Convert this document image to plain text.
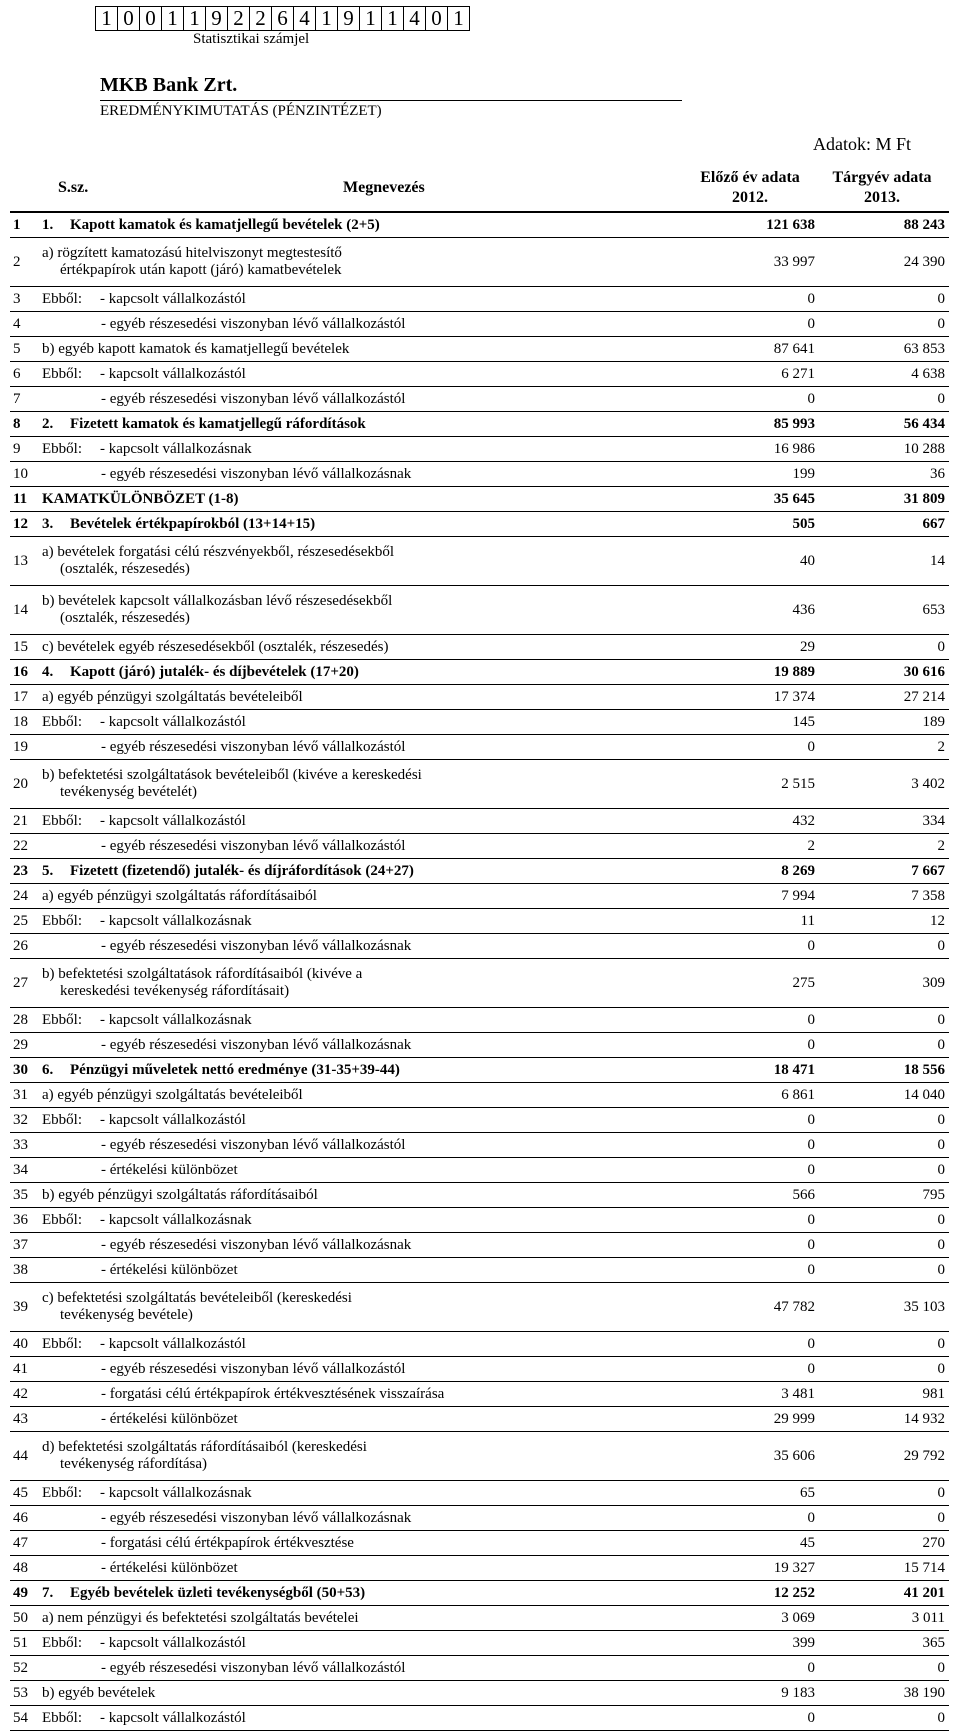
1 0 0 1 1 9 2 2 6 4 1 9 1 1 4 0 1
Statisztikai számjel
MKB Bank Zrt.
EREDMÉNYKIMUTATÁS (PÉNZINTÉZET)
Adatok: M Ft
S.sz.	Megnevezés
Előző év adata
2012.
Tárgyév adata
2013.
1	1. Kapott kamatok és kamatjellegű bevételek (2+5)	121 638	88 243
2	a) rögzített kamatozású hitelviszonyt megtestesítő
értékpapírok után kapott (járó) kamatbevételek	33 997	24 390
3	Ebből: - kapcsolt vállalkozástól	0	0
4	- egyéb részesedési viszonyban lévő vállalkozástól	0	0
5	b) egyéb kapott kamatok és kamatjellegű bevételek	87 641	63 853
6	Ebből: - kapcsolt vállalkozástól	6 271	4 638
7	- egyéb részesedési viszonyban lévő vállalkozástól	0	0
8	2. Fizetett kamatok és kamatjellegű ráfordítások	85 993	56 434
9	Ebből: - kapcsolt vállalkozásnak	16 986	10 288
10	- egyéb részesedési viszonyban lévő vállalkozásnak	199	36
11	KAMATKÜLÖNBÖZET (1-8)	35 645	31 809
12	3. Bevételek értékpapírokból (13+14+15)	505	667
13	a) bevételek forgatási célú részvényekből, részesedésekből
(osztalék, részesedés)	40	14
14	b) bevételek kapcsolt vállalkozásban lévő részesedésekből
(osztalék, részesedés)	436	653
15	c) bevételek egyéb részesedésekből (osztalék, részesedés)	29	0
16	4. Kapott (járó) jutalék- és díjbevételek (17+20)	19 889	30 616
17	a) egyéb pénzügyi szolgáltatás bevételeiből	17 374	27 214
18	Ebből: - kapcsolt vállalkozástól	145	189
19	- egyéb részesedési viszonyban lévő vállalkozástól	0	2
20	b) befektetési szolgáltatások bevételeiből (kivéve a kereskedési
tevékenység bevételét)	2 515	3 402
21	Ebből: - kapcsolt vállalkozástól	432	334
22	- egyéb részesedési viszonyban lévő vállalkozástól	2	2
23	5. Fizetett (fizetendő) jutalék- és díjráfordítások (24+27)	8 269	7 667
24	a) egyéb pénzügyi szolgáltatás ráfordításaiból	7 994	7 358
25	Ebből: - kapcsolt vállalkozásnak	11	12
26	- egyéb részesedési viszonyban lévő vállalkozásnak	0	0
27	b) befektetési szolgáltatások ráfordításaiból (kivéve a
kereskedési tevékenység ráfordításait)	275	309
28	Ebből: - kapcsolt vállalkozásnak	0	0
29	- egyéb részesedési viszonyban lévő vállalkozásnak	0	0
30	6. Pénzügyi műveletek nettó eredménye (31-35+39-44)	18 471	18 556
31	a) egyéb pénzügyi szolgáltatás bevételeiből	6 861	14 040
32	Ebből: - kapcsolt vállalkozástól	0	0
33	- egyéb részesedési viszonyban lévő vállalkozástól	0	0
34	- értékelési különbözet	0	0
35	b) egyéb pénzügyi szolgáltatás ráfordításaiból	566	795
36	Ebből: - kapcsolt vállalkozásnak	0	0
37	- egyéb részesedési viszonyban lévő vállalkozásnak	0	0
38	- értékelési különbözet	0	0
39	c) befektetési szolgáltatás bevételeiből (kereskedési
tevékenység bevétele)	47 782	35 103
40	Ebből: - kapcsolt vállalkozástól	0	0
41	- egyéb részesedési viszonyban lévő vállalkozástól	0	0
42	- forgatási célú értékpapírok értékvesztésének visszaírása	3 481	981
43	- értékelési különbözet	29 999	14 932
44	d) befektetési szolgáltatás ráfordításaiból (kereskedési
tevékenység ráfordítása)	35 606	29 792
45	Ebből: - kapcsolt vállalkozásnak	65	0
46	- egyéb részesedési viszonyban lévő vállalkozásnak	0	0
47	- forgatási célú értékpapírok értékvesztése	45	270
48	- értékelési különbözet	19 327	15 714
49	7. Egyéb bevételek üzleti tevékenységből (50+53)	12 252	41 201
50	a) nem pénzügyi és befektetési szolgáltatás bevételei	3 069	3 011
51	Ebből: - kapcsolt vállalkozástól	399	365
52	- egyéb részesedési viszonyban lévő vállalkozástól	0	0
53	b) egyéb bevételek	9 183	38 190
54	Ebből: - kapcsolt vállalkozástól	0	0
